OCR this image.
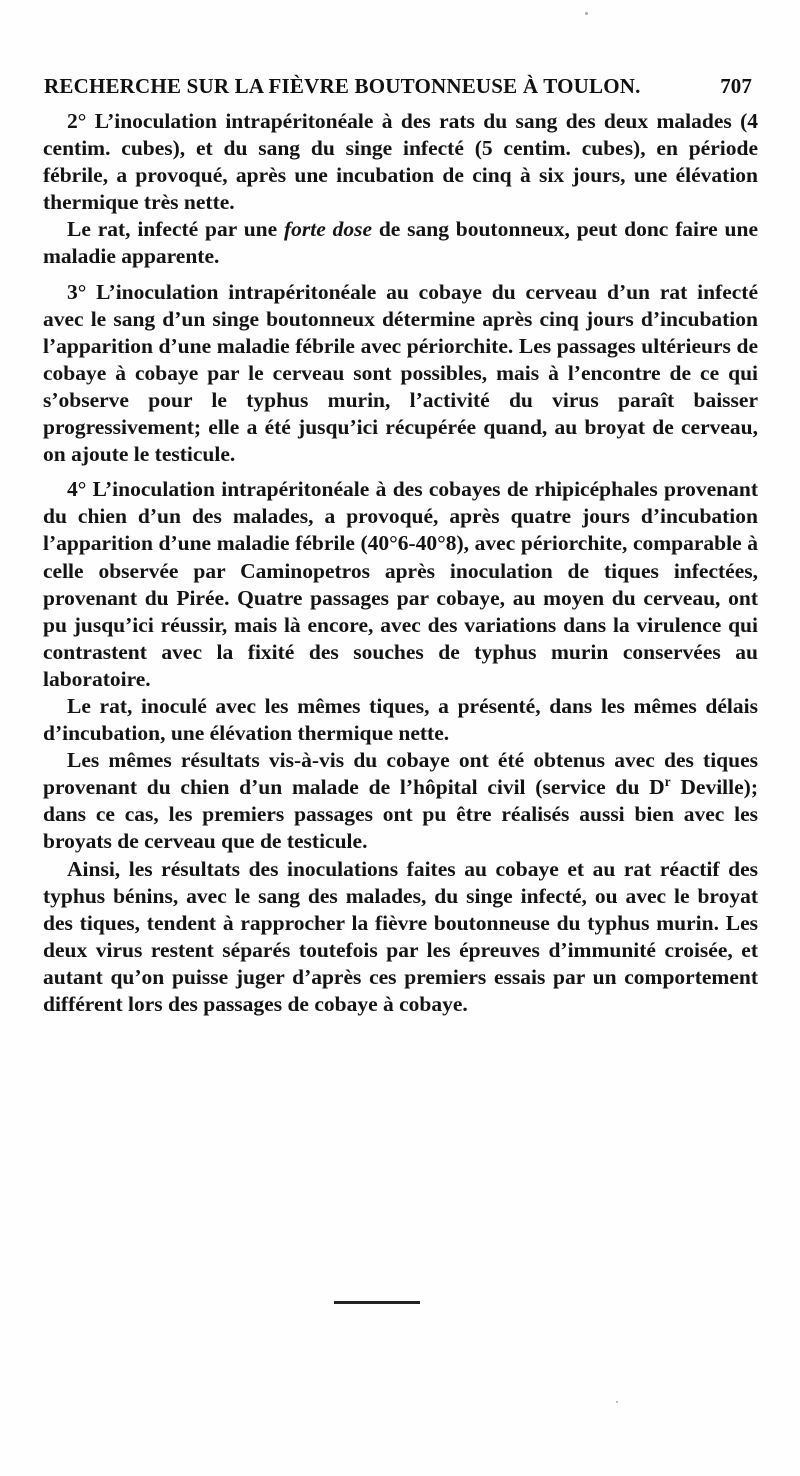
RECHERCHE SUR LA FIÈVRE BOUTONNEUSE À TOULON.	707

2° L’inoculation intrapéritonéale à des rats du sang des deux malades (4 centim. cubes), et du sang du singe infecté (5 centim. cubes), en période fébrile, a provoqué, après une incubation de cinq à six jours, une élévation thermique très nette.

Le rat, infecté par une forte dose de sang boutonneux, peut donc faire une maladie apparente.

3° L’inoculation intrapéritonéale au cobaye du cerveau d’un rat infecté avec le sang d’un singe boutonneux détermine après cinq jours d’incubation l’apparition d’une maladie fébrile avec périorchite. Les passages ultérieurs de cobaye à cobaye par le cerveau sont possibles, mais à l’encontre de ce qui s’observe pour le typhus murin, l’activité du virus paraît baisser progressivement; elle a été jusqu’ici récupérée quand, au broyat de cerveau, on ajoute le testicule.

4° L’inoculation intrapéritonéale à des cobayes de rhipicéphales provenant du chien d’un des malades, a provoqué, après quatre jours d’incubation l’apparition d’une maladie fébrile (40°6-40°8), avec périorchite, comparable à celle observée par Caminopetros après inoculation de tiques infectées, provenant du Pirée. Quatre passages par cobaye, au moyen du cerveau, ont pu jusqu’ici réussir, mais là encore, avec des variations dans la virulence qui contrastent avec la fixité des souches de typhus murin conservées au laboratoire.

Le rat, inoculé avec les mêmes tiques, a présenté, dans les mêmes délais d’incubation, une élévation thermique nette.

Les mêmes résultats vis-à-vis du cobaye ont été obtenus avec des tiques provenant du chien d’un malade de l’hôpital civil (service du $D^r$ Deville); dans ce cas, les premiers passages ont pu être réalisés aussi bien avec les broyats de cerveau que de testicule.

Ainsi, les résultats des inoculations faites au cobaye et au rat réactif des typhus bénins, avec le sang des malades, du singe infecté, ou avec le broyat des tiques, tendent à rapprocher la fièvre boutonneuse du typhus murin. Les deux virus restent séparés toutefois par les épreuves d’immunité croisée, et autant qu’on puisse juger d’après ces premiers essais par un comportement différent lors des passages de cobaye à cobaye.
